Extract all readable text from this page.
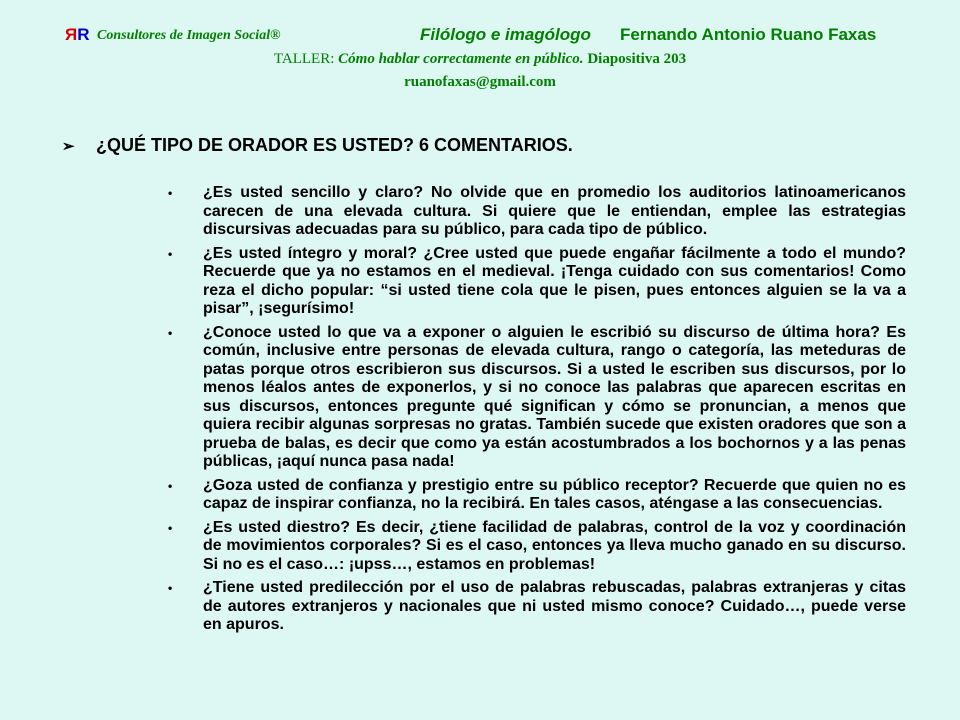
ЯR Consultores de Imagen Social®	Filólogo e imagólogo Fernando Antonio Ruano Faxas
TALLER: Cómo hablar correctamente en público. Diapositiva 203
ruanofaxas@gmail.com
➢ ¿QUÉ TIPO DE ORADOR ES USTED? 6 COMENTARIOS.
• ¿Es usted sencillo y claro? No olvide que en promedio los auditorios latinoamericanos carecen de una elevada cultura. Si quiere que le entiendan, emplee las estrategias discursivas adecuadas para su público, para cada tipo de público.
• ¿Es usted íntegro y moral? ¿Cree usted que puede engañar fácilmente a todo el mundo? Recuerde que ya no estamos en el medieval. ¡Tenga cuidado con sus comentarios! Como reza el dicho popular: “si usted tiene cola que le pisen, pues entonces alguien se la va a pisar”, ¡segurísimo!
• ¿Conoce usted lo que va a exponer o alguien le escribió su discurso de última hora? Es común, inclusive entre personas de elevada cultura, rango o categoría, las meteduras de patas porque otros escribieron sus discursos. Si a usted le escriben sus discursos, por lo menos léalos antes de exponerlos, y si no conoce las palabras que aparecen escritas en sus discursos, entonces pregunte qué significan y cómo se pronuncian, a menos que quiera recibir algunas sorpresas no gratas. También sucede que existen oradores que son a prueba de balas, es decir que como ya están acostumbrados a los bochornos y a las penas públicas, ¡aquí nunca pasa nada!
• ¿Goza usted de confianza y prestigio entre su público receptor? Recuerde que quien no es capaz de inspirar confianza, no la recibirá. En tales casos, aténgase a las consecuencias.
• ¿Es usted diestro? Es decir, ¿tiene facilidad de palabras, control de la voz y coordinación de movimientos corporales? Si es el caso, entonces ya lleva mucho ganado en su discurso. Si no es el caso…: ¡upss…, estamos en problemas!
• ¿Tiene usted predilección por el uso de palabras rebuscadas, palabras extranjeras y citas de autores extranjeros y nacionales que ni usted mismo conoce? Cuidado…, puede verse en apuros.
